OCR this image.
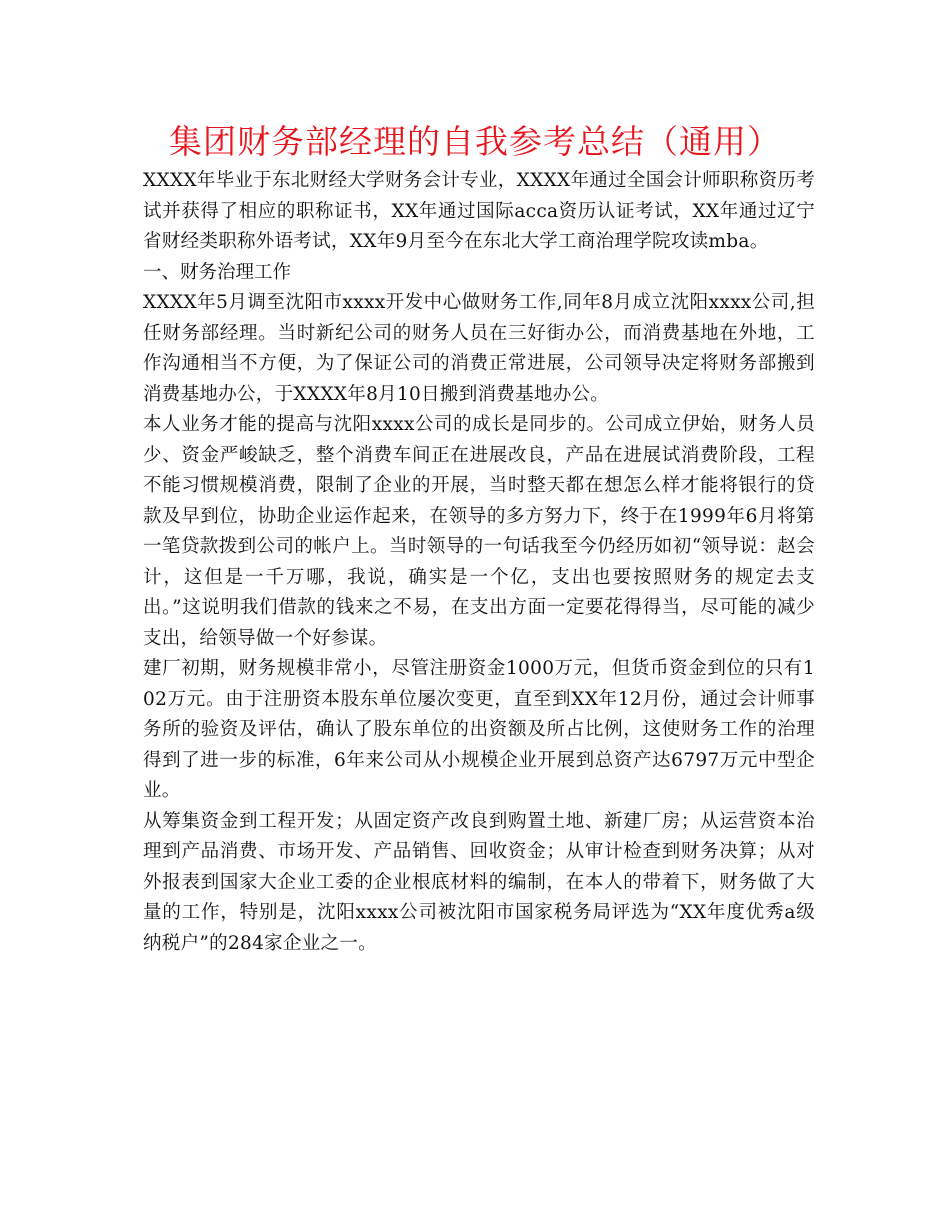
集团财务部经理的自我参考总结（通用）

XXXX年毕业于东北财经大学财务会计专业，XXXX年通过全国会计师职称资历考试并获得了相应的职称证书，XX年通过国际acca资历认证考试，XX年通过辽宁省财经类职称外语考试，XX年9月至今在东北大学工商治理学院攻读mba。

一、财务治理工作

XXXX年5月调至沈阳市xxxx开发中心做财务工作,同年8月成立沈阳xxxx公司,担任财务部经理。当时新纪公司的财务人员在三好街办公，而消费基地在外地，工作沟通相当不方便，为了保证公司的消费正常进展，公司领导决定将财务部搬到消费基地办公，于XXXX年8月10日搬到消费基地办公。

本人业务才能的提高与沈阳xxxx公司的成长是同步的。公司成立伊始，财务人员少、资金严峻缺乏，整个消费车间正在进展改良，产品在进展试消费阶段，工程不能习惯规模消费，限制了企业的开展，当时整天都在想怎么样才能将银行的贷款及早到位，协助企业运作起来，在领导的多方努力下，终于在1999年6月将第一笔贷款拨到公司的帐户上。当时领导的一句话我至今仍经历如初“领导说：赵会计，这但是一千万哪，我说，确实是一个亿，支出也要按照财务的规定去支出。”这说明我们借款的钱来之不易，在支出方面一定要花得得当，尽可能的减少支出，给领导做一个好参谋。

建厂初期，财务规模非常小，尽管注册资金1000万元，但货币资金到位的只有102万元。由于注册资本股东单位屡次变更，直至到XX年12月份，通过会计师事务所的验资及评估，确认了股东单位的出资额及所占比例，这使财务工作的治理得到了进一步的标准，6年来公司从小规模企业开展到总资产达6797万元中型企业。

从筹集资金到工程开发；从固定资产改良到购置土地、新建厂房；从运营资本治理到产品消费、市场开发、产品销售、回收资金；从审计检查到财务决算；从对外报表到国家大企业工委的企业根底材料的编制，在本人的带着下，财务做了大量的工作，特别是，沈阳xxxx公司被沈阳市国家税务局评选为“XX年度优秀a级纳税户”的284家企业之一。
